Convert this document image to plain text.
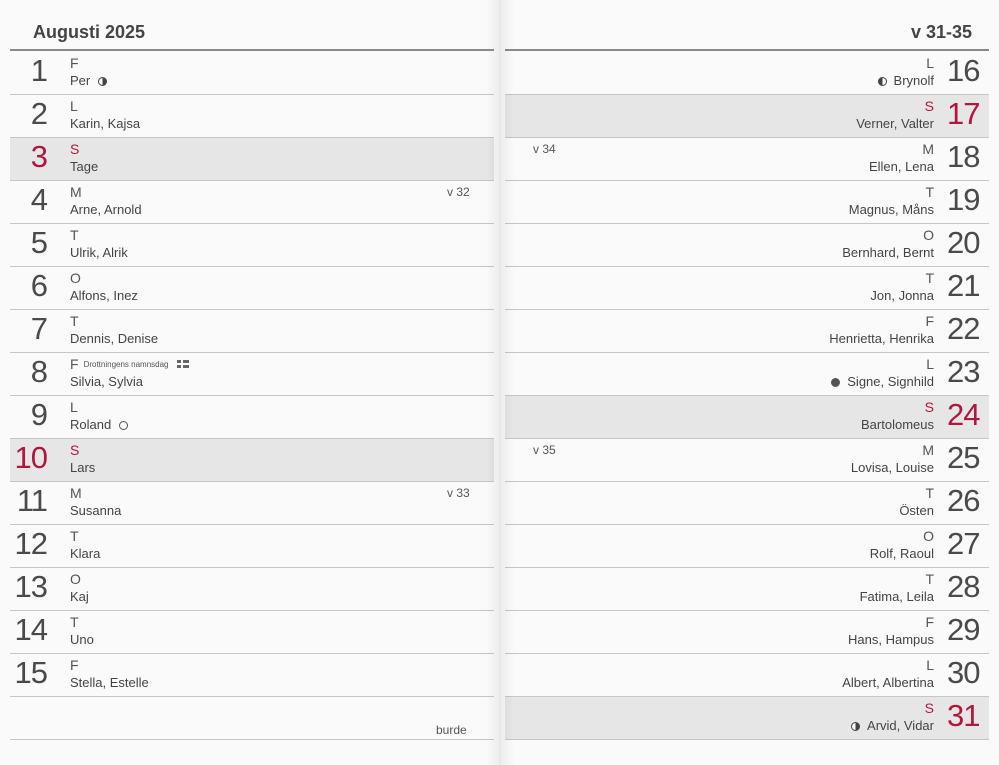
Augusti 2025
1 F
Per
2 L
Karin, Kajsa
3 S
Tage
4 M
Arne, Arnold
v 32
5 T
Ulrik, Alrik
6 O
Alfons, Inez
7 T
Dennis, Denise
8 F Drottningens namnsdag
Silvia, Sylvia
9 L
Roland
10 S
Lars
11 M
Susanna
v 33
12 T
Klara
13 O
Kaj
14 T
Uno
15 F
Stella, Estelle
burde
v 31-35
16
L
Brynolf
17
S
Verner, Valter
18
M
Ellen, Lena
v 34
19
T
Magnus, Måns
20
O
Bernhard, Bernt
21
T
Jon, Jonna
22
F
Henrietta, Henrika
23
L
Signe, Signhild
24
S
Bartolomeus
25
M
Lovisa, Louise
v 35
26
T
Östen
27
O
Rolf, Raoul
28
T
Fatima, Leila
29
F
Hans, Hampus
30
L
Albert, Albertina
31
S
Arvid, Vidar
